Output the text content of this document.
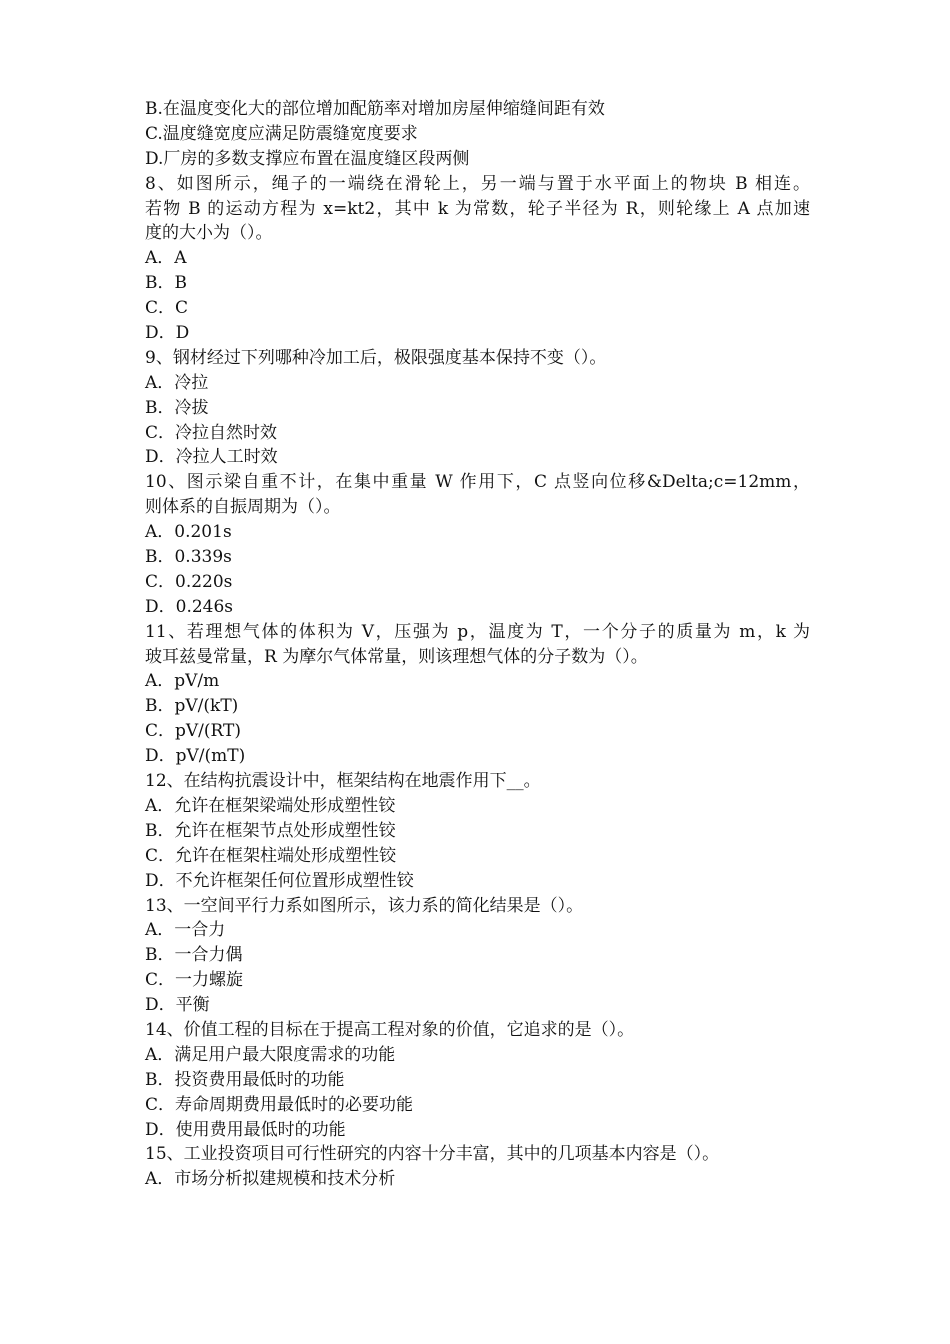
B.在温度变化大的部位增加配筋率对增加房屋伸缩缝间距有效

C.温度缝宽度应满足防震缝宽度要求

D.厂房的多数支撑应布置在温度缝区段两侧

8、如图所示，绳子的一端绕在滑轮上，另一端与置于水平面上的物块 B 相连。

若物 B 的运动方程为 x=kt2，其中 k 为常数，轮子半径为 R，则轮缘上 A 点加速

度的大小为（）。

A．A

B．B

C．C

D．D

9、钢材经过下列哪种冷加工后，极限强度基本保持不变（）。

A．冷拉

B．冷拔

C．冷拉自然时效

D．冷拉人工时效

10、图示梁自重不计，在集中重量 W 作用下，C 点竖向位移&Delta;c=12mm，

则体系的自振周期为（）。

A．0.201s

B．0.339s

C．0.220s

D．0.246s

11、若理想气体的体积为 V，压强为 p，温度为 T，一个分子的质量为 m，k 为

玻耳兹曼常量，R 为摩尔气体常量，则该理想气体的分子数为（）。

A．pV/m

B．pV/(kT)

C．pV/(RT)

D．pV/(mT)

12、在结构抗震设计中，框架结构在地震作用下__。

A．允许在框架梁端处形成塑性铰

B．允许在框架节点处形成塑性铰

C．允许在框架柱端处形成塑性铰

D．不允许框架任何位置形成塑性铰

13、一空间平行力系如图所示，该力系的简化结果是（）。

A．一合力

B．一合力偶

C．一力螺旋

D．平衡

14、价值工程的目标在于提高工程对象的价值，它追求的是（）。

A．满足用户最大限度需求的功能

B．投资费用最低时的功能

C．寿命周期费用最低时的必要功能

D．使用费用最低时的功能

15、工业投资项目可行性研究的内容十分丰富，其中的几项基本内容是（）。

A．市场分析拟建规模和技术分析
